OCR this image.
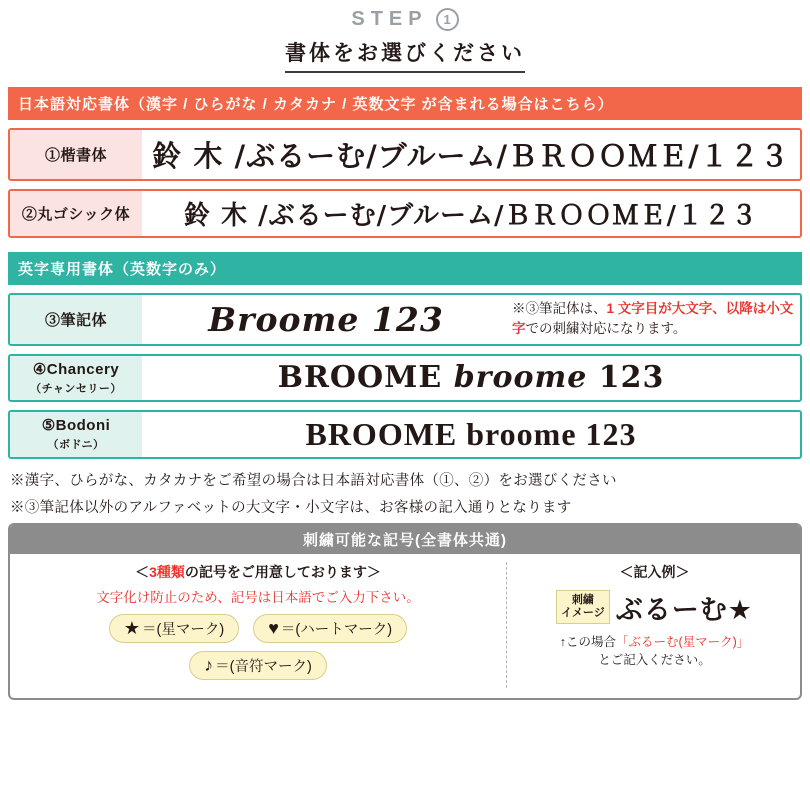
STEP	1
書体をお選びください
日本語対応書体（漢字 / ひらがな / カタカナ / 英数文字 が含まれる場合はこちら）
①楷書体 鈴 木 /ぶるーむ/ブルーム/ＢＲＯＯＭＥ/１２３
②丸ゴシック体 鈴 木 /ぶるーむ/ブルーム/ＢＲＯＯＭＥ/１２３
英字専用書体（英数字のみ）
③筆記体	Broome 123	※③筆記体は、1 文字目が大文字、以降は小文字での刺繍対応になります。
④Chancery
（チャンセリー）	BROOME broome 123
⑤Bodoni
（ボドニ）	BROOME broome 123

※漢字、ひらがな、カタカナをご希望の場合は日本語対応書体（①、②）をお選びください

※③筆記体以外のアルファベットの大文字・小文字は、お客様の記入通りとなります

刺繍可能な記号(全書体共通)
＜3種類の記号をご用意しております＞
文字化け防止のため、記号は日本語でご入力下さい。
★ ＝(星マーク) ♥ ＝(ハートマーク)
♪ ＝(音符マーク)
＜記入例＞
刺繍
イメージ ぶるーむ★
↑この場合「ぶるーむ(星マーク)」
とご記入ください。
